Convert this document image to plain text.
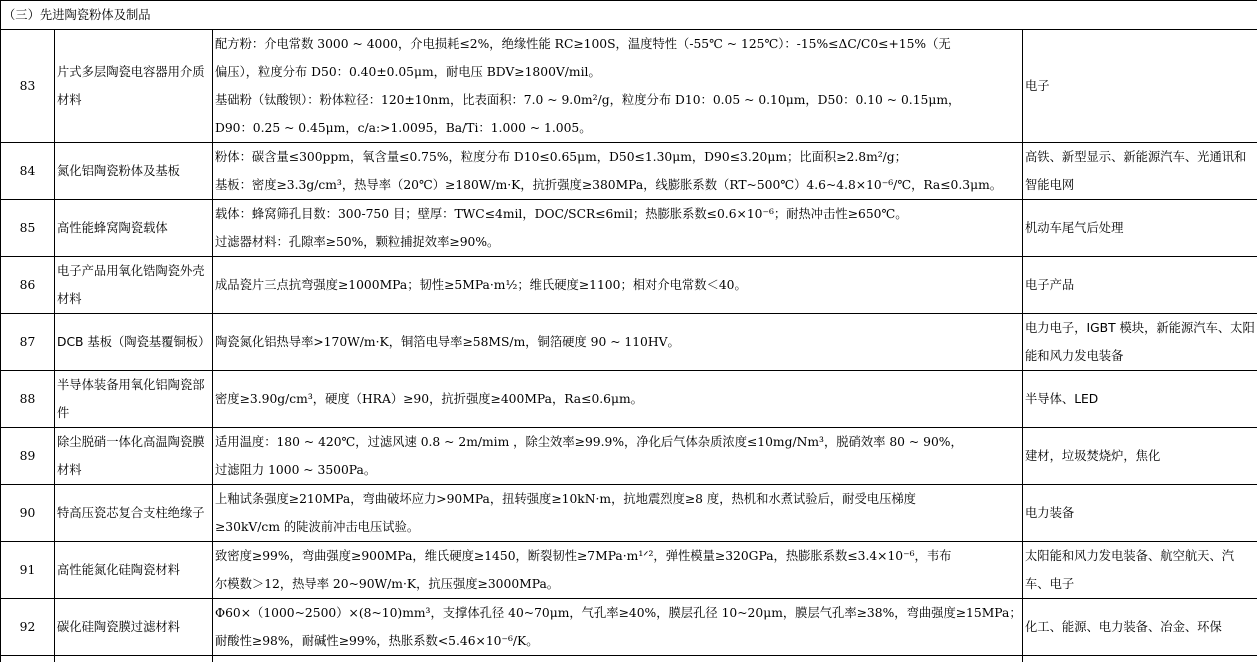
（三）先进陶瓷粉体及制品			
83	片式多层陶瓷电容器用介质材料	配方粉：介电常数 3000 ~ 4000，介电损耗≤2%，绝缘性能 RC≥100S，温度特性（-55℃ ~ 125℃）：-15%≤ΔC/C0≤+15%（无
偏压），粒度分布 D50：0.40±0.05μm，耐电压 BDV≥1800V/mil。
基础粉（钛酸钡）：粉体粒径：120±10nm，比表面积：7.0 ~ 9.0m²/g，粒度分布 D10：0.05 ~ 0.10μm，D50：0.10 ~ 0.15μm，
D90：0.25 ~ 0.45μm，c/a:>1.0095，Ba/Ti：1.000 ~ 1.005。	电子
84	氮化铝陶瓷粉体及基板	粉体：碳含量≤300ppm，氧含量≤0.75%，粒度分布 D10≤0.65μm，D50≤1.30μm，D90≤3.20μm；比面积≥2.8m²/g；
基板：密度≥3.3g/cm³，热导率（20℃）≥180W/m·K，抗折强度≥380MPa，线膨胀系数（RT~500℃）4.6~4.8×10⁻⁶/℃，Ra≤0.3μm。	高铁、新型显示、新能源汽车、光通讯和智能电网
85	高性能蜂窝陶瓷载体	载体：蜂窝筛孔目数：300-750 目；壁厚：TWC≤4mil，DOC/SCR≤6mil；热膨胀系数≤0.6×10⁻⁶；耐热冲击性≥650℃。
过滤器材料：孔隙率≥50%，颗粒捕捉效率≥90%。	机动车尾气后处理
86	电子产品用氧化锆陶瓷外壳材料	成品瓷片三点抗弯强度≥1000MPa；韧性≥5MPa·m½；维氏硬度≥1100；相对介电常数＜40。	电子产品
87	DCB 基板（陶瓷基覆铜板）	陶瓷氮化铝热导率>170W/m·K，铜箔电导率≥58MS/m，铜箔硬度 90 ~ 110HV。	电力电子，IGBT 模块，新能源汽车、太阳能和风力发电装备
88	半导体装备用氧化铝陶瓷部件	密度≥3.90g/cm³，硬度（HRA）≥90，抗折强度≥400MPa，Ra≤0.6μm。	半导体、LED
89	除尘脱硝一体化高温陶瓷膜材料	适用温度：180 ~ 420℃，过滤风速 0.8 ~ 2m/mim ，除尘效率≥99.9%，净化后气体杂质浓度≤10mg/Nm³，脱硝效率 80 ~ 90%，
过滤阻力 1000 ~ 3500Pa。	建材，垃圾焚烧炉，焦化
90	特高压瓷芯复合支柱绝缘子	上釉试条强度≥210MPa，弯曲破坏应力>90MPa，扭转强度≥10kN·m，抗地震烈度≥8 度，热机和水煮试验后，耐受电压梯度
≥30kV/cm 的陡波前冲击电压试验。	电力装备
91	高性能氮化硅陶瓷材料	致密度≥99%，弯曲强度≥900MPa，维氏硬度≥1450，断裂韧性≥7MPa·m¹ᐟ²，弹性模量≥320GPa，热膨胀系数≤3.4×10⁻⁶，韦布
尔模数＞12，热导率 20~90W/m·K，抗压强度≥3000MPa。	太阳能和风力发电装备、航空航天、汽车、电子
92	碳化硅陶瓷膜过滤材料	Φ60×（1000~2500）×(8~10)mm³，支撑体孔径 40~70μm，气孔率≥40%，膜层孔径 10~20μm，膜层气孔率≥38%，弯曲强度≥15MPa；
耐酸性≥98%，耐碱性≥99%，热胀系数<5.46×10⁻⁶/K。	化工、能源、电力装备、冶金、环保
